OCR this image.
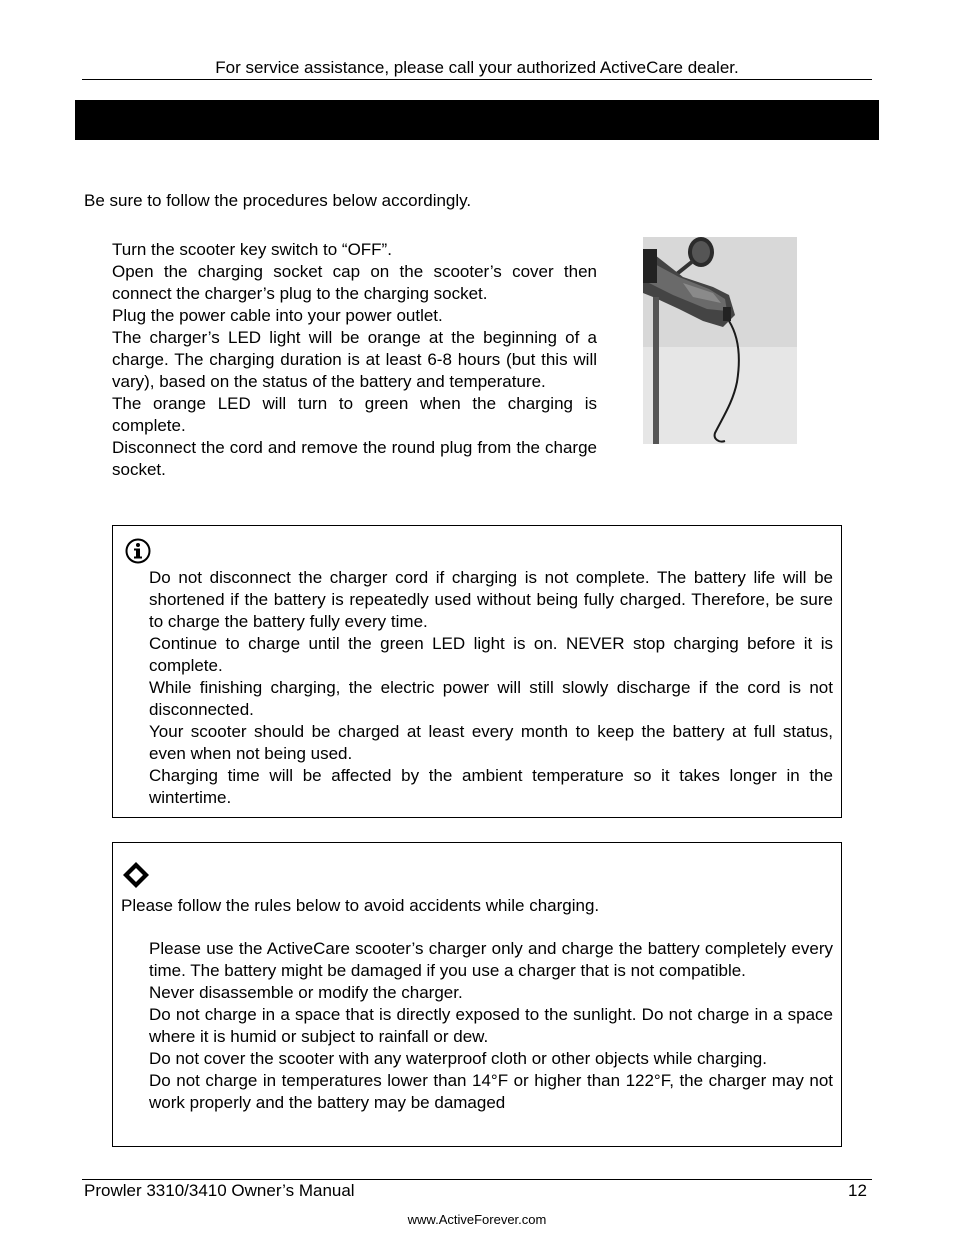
For service assistance, please call your authorized ActiveCare dealer.
Be sure to follow the procedures below accordingly.

Turn the scooter key switch to “OFF”.

Open the charging socket cap on the scooter’s cover then connect the charger’s plug to the charging socket.

Plug the power cable into your power outlet.

The charger’s LED light will be orange at the beginning of a charge. The charging duration is at least 6-8 hours (but this will vary), based on the status of the battery and temperature.

The orange LED will turn to green when the charging is complete.

Disconnect the cord and remove the round plug from the charge socket.

Do not disconnect the charger cord if charging is not complete. The battery life will be shortened if the battery is repeatedly used without being fully charged. Therefore, be sure to charge the battery fully every time.

Continue to charge until the green LED light is on. NEVER stop charging before it is complete.

While finishing charging, the electric power will still slowly discharge if the cord is not disconnected.

Your scooter should be charged at least every month to keep the battery at full status, even when not being used.

Charging time will be affected by the ambient temperature so it takes longer in the wintertime.

Please follow the rules below to avoid accidents while charging.

Please use the ActiveCare scooter’s charger only and charge the battery completely every time. The battery might be damaged if you use a charger that is not compatible.

Never disassemble or modify the charger.

Do not charge in a space that is directly exposed to the sunlight. Do not charge in a space where it is humid or subject to rainfall or dew.

Do not cover the scooter with any waterproof cloth or other objects while charging.

Do not charge in temperatures lower than 14°F or higher than 122°F, the charger may not work properly and the battery may be damaged

Prowler 3310/3410 Owner’s Manual	12
www.ActiveForever.com
